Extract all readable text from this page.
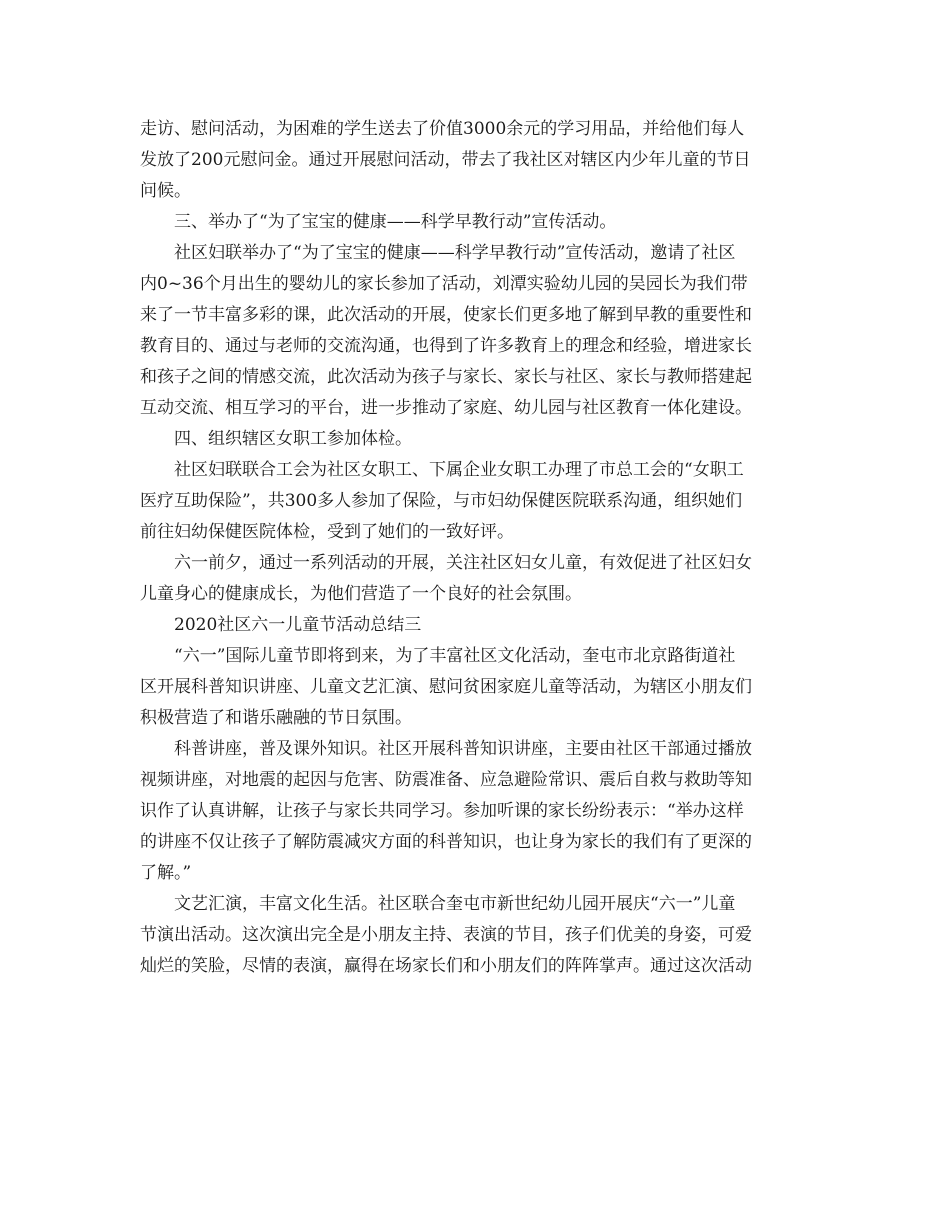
走访、慰问活动，为困难的学生送去了价值3000余元的学习用品，并给他们每人
发放了200元慰问金。通过开展慰问活动，带去了我社区对辖区内少年儿童的节日
问候。
三、举办了“为了宝宝的健康——科学早教行动”宣传活动。
社区妇联举办了“为了宝宝的健康——科学早教行动”宣传活动，邀请了社区
内0~36个月出生的婴幼儿的家长参加了活动，刘潭实验幼儿园的吴园长为我们带
来了一节丰富多彩的课，此次活动的开展，使家长们更多地了解到早教的重要性和
教育目的、通过与老师的交流沟通，也得到了许多教育上的理念和经验，增进家长
和孩子之间的情感交流，此次活动为孩子与家长、家长与社区、家长与教师搭建起
互动交流、相互学习的平台，进一步推动了家庭、幼儿园与社区教育一体化建设。
四、组织辖区女职工参加体检。
社区妇联联合工会为社区女职工、下属企业女职工办理了市总工会的“女职工
医疗互助保险”，共300多人参加了保险，与市妇幼保健医院联系沟通，组织她们
前往妇幼保健医院体检，受到了她们的一致好评。
六一前夕，通过一系列活动的开展，关注社区妇女儿童，有效促进了社区妇女
儿童身心的健康成长，为他们营造了一个良好的社会氛围。
2020社区六一儿童节活动总结三
“六一”国际儿童节即将到来，为了丰富社区文化活动，奎屯市北京路街道社
区开展科普知识讲座、儿童文艺汇演、慰问贫困家庭儿童等活动，为辖区小朋友们
积极营造了和谐乐融融的节日氛围。
科普讲座，普及课外知识。社区开展科普知识讲座，主要由社区干部通过播放
视频讲座，对地震的起因与危害、防震准备、应急避险常识、震后自救与救助等知
识作了认真讲解，让孩子与家长共同学习。参加听课的家长纷纷表示：“举办这样
的讲座不仅让孩子了解防震减灾方面的科普知识，也让身为家长的我们有了更深的
了解。”
文艺汇演，丰富文化生活。社区联合奎屯市新世纪幼儿园开展庆“六一”儿童
节演出活动。这次演出完全是小朋友主持、表演的节目，孩子们优美的身姿，可爱
灿烂的笑脸，尽情的表演，赢得在场家长们和小朋友们的阵阵掌声。通过这次活动
